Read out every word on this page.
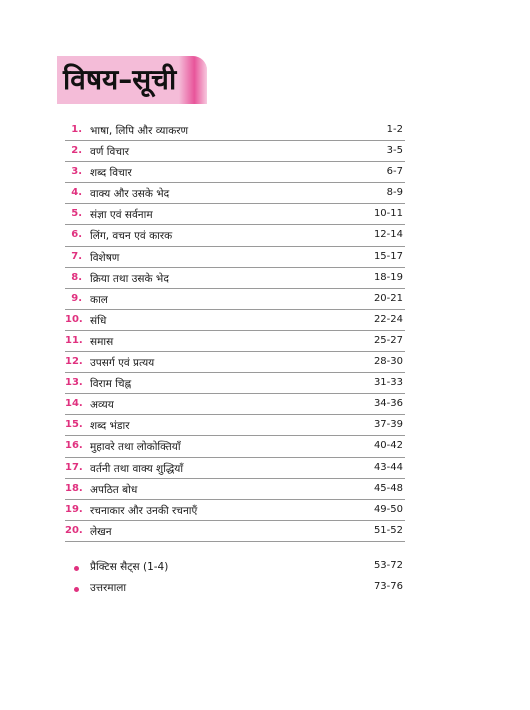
विषय–सूची
1. भाषा, लिपि और व्याकरण	1-2
2. वर्ण विचार	3-5
3. शब्द विचार	6-7
4. वाक्य और उसके भेद	8-9
5. संज्ञा एवं सर्वनाम	10-11
6. लिंग, वचन एवं कारक	12-14
7. विशेषण	15-17
8. क्रिया तथा उसके भेद	18-19
9. काल	20-21
10. संधि	22-24
11. समास	25-27
12. उपसर्ग एवं प्रत्यय	28-30
13. विराम चिह्न	31-33
14. अव्यय	34-36
15. शब्द भंडार	37-39
16. मुहावरे तथा लोकोक्तियाँ	40-42
17. वर्तनी तथा वाक्य शुद्धियाँ	43-44
18. अपठित बोध	45-48
19. रचनाकार और उनकी रचनाएँ	49-50
20. लेखन	51-52
प्रैक्टिस सैट्स (1-4)	53-72
उत्तरमाला	73-76
